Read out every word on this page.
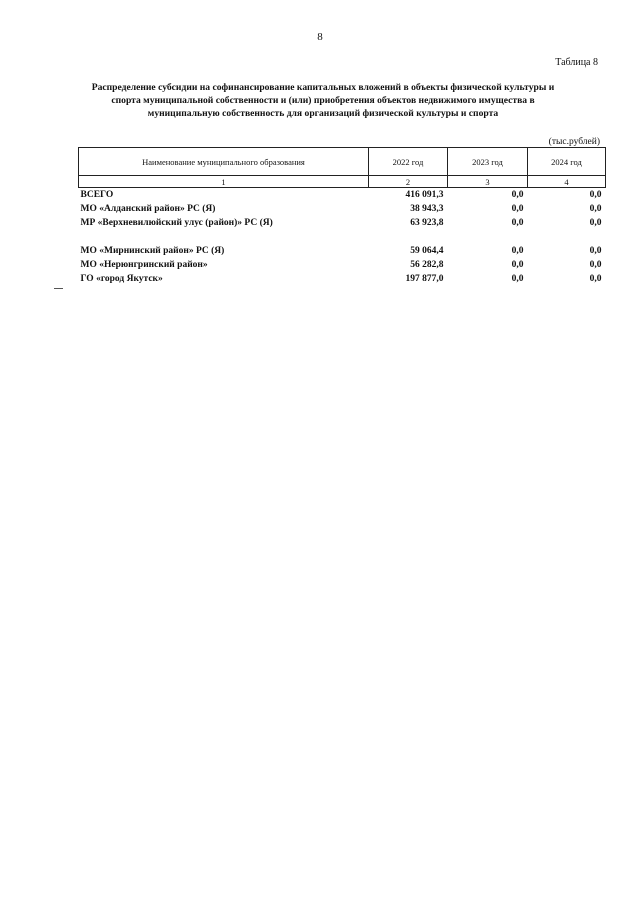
8
Таблица 8
Распределение субсидии на софинансирование капитальных вложений в объекты физической культуры и
спорта муниципальной собственности и (или) приобретения объектов недвижимого имущества в
муниципальную собственность для организаций физической культуры и спорта
(тыс.рублей)
Наименование муниципального образования	2022 год	2023 год	2024 год
1	2	3	4
ВСЕГО	416 091,3	0,0	0,0
МО «Алданский район» РС (Я)	38 943,3	0,0	0,0
МР «Верхневилюйский улус (район)» РС (Я)	63 923,8	0,0	0,0

МО «Мирнинский район» РС (Я)	59 064,4	0,0	0,0
МО «Нерюнгринский район»	56 282,8	0,0	0,0
ГО «город Якутск»	197 877,0	0,0	0,0
